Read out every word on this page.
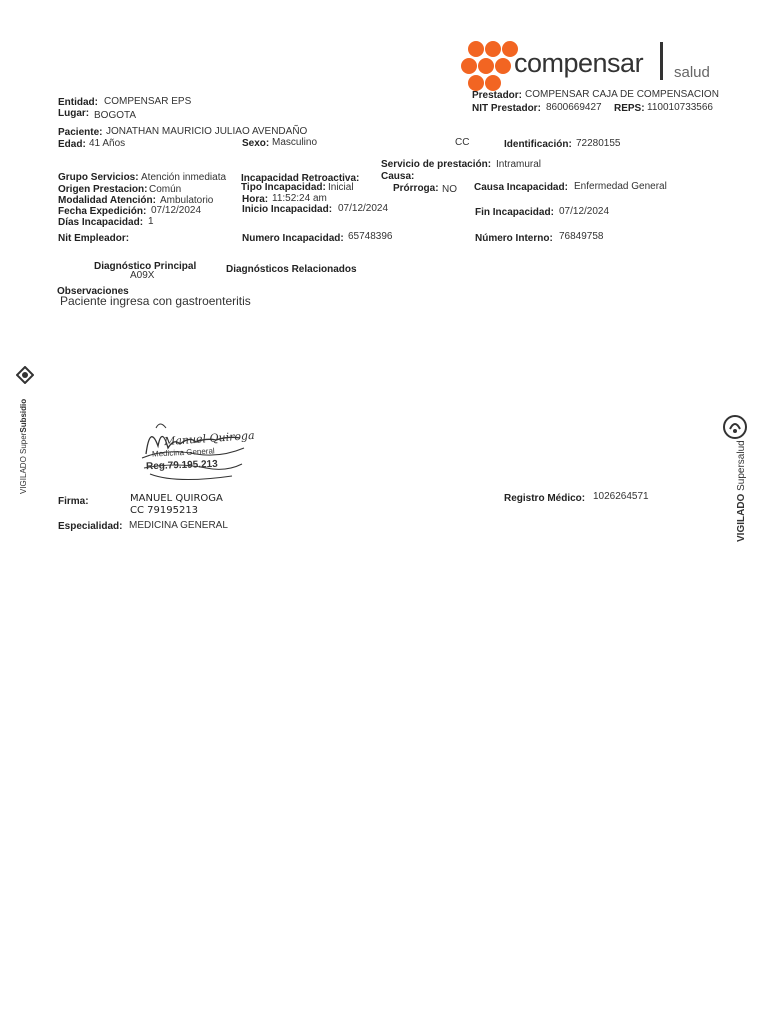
compensar salud
Prestador: COMPENSAR CAJA DE COMPENSACION
NIT Prestador: 8600669427 REPS: 110010733566
Entidad: COMPENSAR EPS
Lugar: BOGOTA
Paciente: JONATHAN MAURICIO JULIAO AVENDAÑO
Edad: 41 Años	Sexo: Masculino	CC	Identificación: 72280155
Servicio de prestación: Intramural
Grupo Servicios: Atención inmediata Incapacidad Retroactiva: Causa:
Origen Prestacion: Común	Tipo Incapacidad: Inicial	Prórroga: NO Causa Incapacidad: Enfermedad General
Modalidad Atención: Ambulatorio	Hora: 11:52:24 am
Fecha Expedición: 07/12/2024	Inicio Incapacidad: 07/12/2024	Fin Incapacidad: 07/12/2024
Días Incapacidad: 1
Nit Empleador:	Numero Incapacidad: 65748396	Número Interno: 76849758
Diagnóstico Principal
A09X
Diagnósticos Relacionados
Observaciones
Paciente ingresa con gastroenteritis
VIGILADO SuperSubsidio
VIGILADO Supersalud
Manuel Quiroga
Medicina General
Reg.79.195.213
Firma:	MANUEL QUIROGA
CC 79195213
Registro Médico: 1026264571
Especialidad: MEDICINA GENERAL
